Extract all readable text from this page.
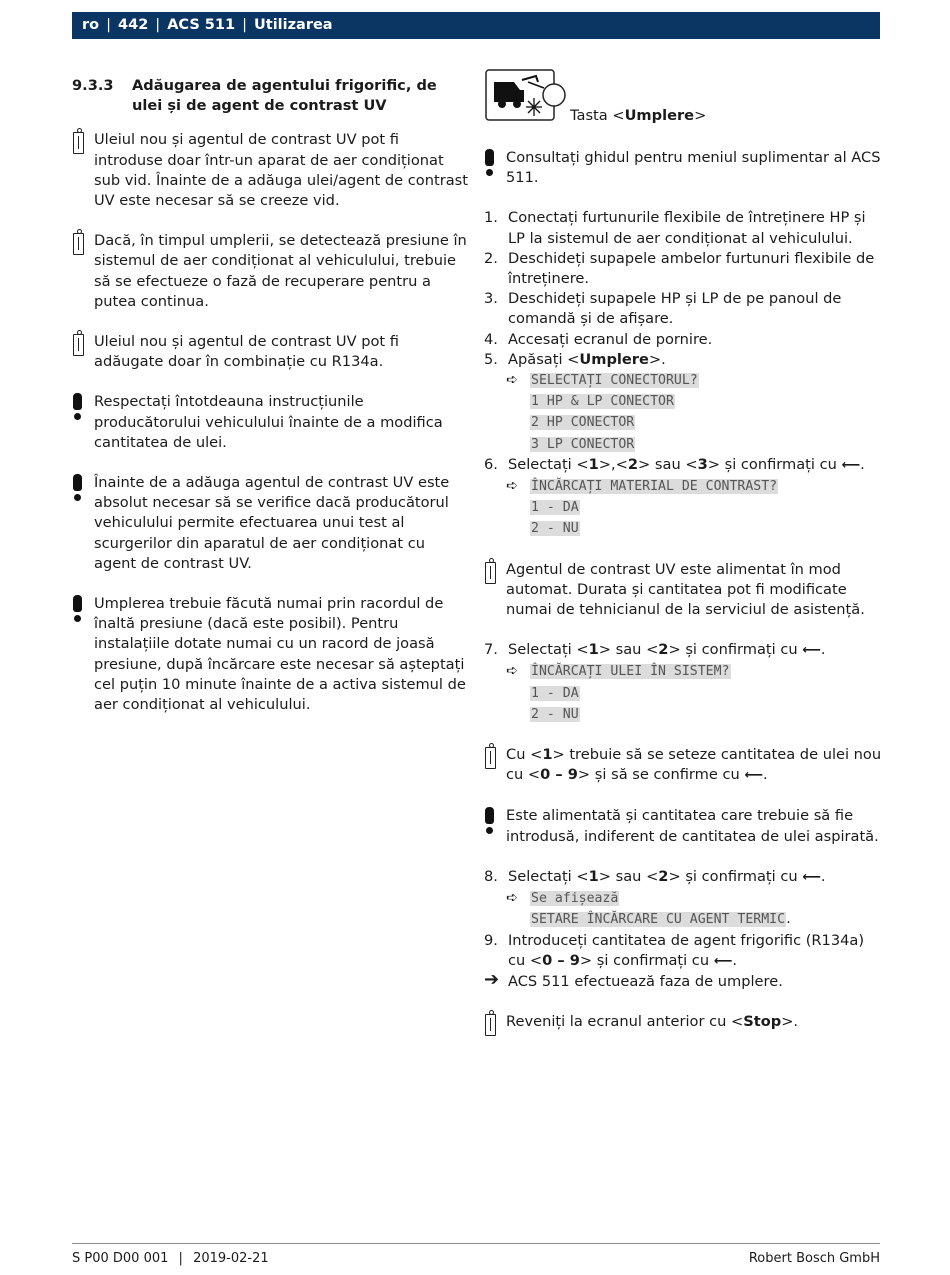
ro | 442 | ACS 511 | Utilizarea
9.3.3	Adăugarea de agentului frigorific, de ulei și de agent de contrast UV
Uleiul nou și agentul de contrast UV pot fi introduse doar într-un aparat de aer condiționat sub vid. Înainte de a adăuga ulei/agent de contrast UV este necesar să se creeze vid.
Dacă, în timpul umplerii, se detectează presiune în sistemul de aer condiționat al vehiculului, trebuie să se efectueze o fază de recuperare pentru a putea continua.
Uleiul nou și agentul de contrast UV pot fi adăugate doar în combinație cu R134a.
Respectați întotdeauna instrucțiunile producătorului vehiculului înainte de a modifica cantitatea de ulei.
Înainte de a adăuga agentul de contrast UV este absolut necesar să se verifice dacă producătorul vehiculului permite efectuarea unui test al scurgerilor din aparatul de aer condiționat cu agent de contrast UV.
Umplerea trebuie făcută numai prin racordul de înaltă presiune (dacă este posibil). Pentru instalațiile dotate numai cu un racord de joasă presiune, după încărcare este necesar să așteptați cel puțin 10 minute înainte de a activa sistemul de aer condiționat al vehiculului.
Tasta <Umplere>
Consultați ghidul pentru meniul suplimentar al ACS 511.
1. Conectați furtunurile flexibile de întreținere HP și LP la sistemul de aer condiționat al vehiculului.
2. Deschideți supapele ambelor furtunuri flexibile de întreținere.
3. Deschideți supapele HP și LP de pe panoul de comandă și de afișare.
4. Accesați ecranul de pornire.
5. Apăsați <Umplere>.
➪ SELECTAȚI CONECTORUL?
1 HP & LP CONECTOR
2 HP CONECTOR
3 LP CONECTOR
6. Selectați <1>,<2> sau <3> și confirmați cu ⟵.
➪ ÎNCĂRCAȚI MATERIAL DE CONTRAST?
1 - DA
2 - NU
Agentul de contrast UV este alimentat în mod automat. Durata și cantitatea pot fi modificate numai de tehnicianul de la serviciul de asistență.
7. Selectați <1> sau <2> și confirmați cu ⟵.
➪ ÎNCĂRCAȚI ULEI ÎN SISTEM?
1 - DA
2 - NU
Cu <1> trebuie să se seteze cantitatea de ulei nou cu <0 – 9> și să se confirme cu ⟵.
Este alimentată și cantitatea care trebuie să fie introdusă, indiferent de cantitatea de ulei aspirată.
8. Selectați <1> sau <2> și confirmați cu ⟵.
➪ Se afișează
SETARE ÎNCĂRCARE CU AGENT TERMIC.
9. Introduceți cantitatea de agent frigorific (R134a) cu <0 – 9> și confirmați cu ⟵.
➔ ACS 511 efectuează faza de umplere.
Reveniți la ecranul anterior cu <Stop>.
S P00 D00 001 | 2019-02-21	Robert Bosch GmbH
